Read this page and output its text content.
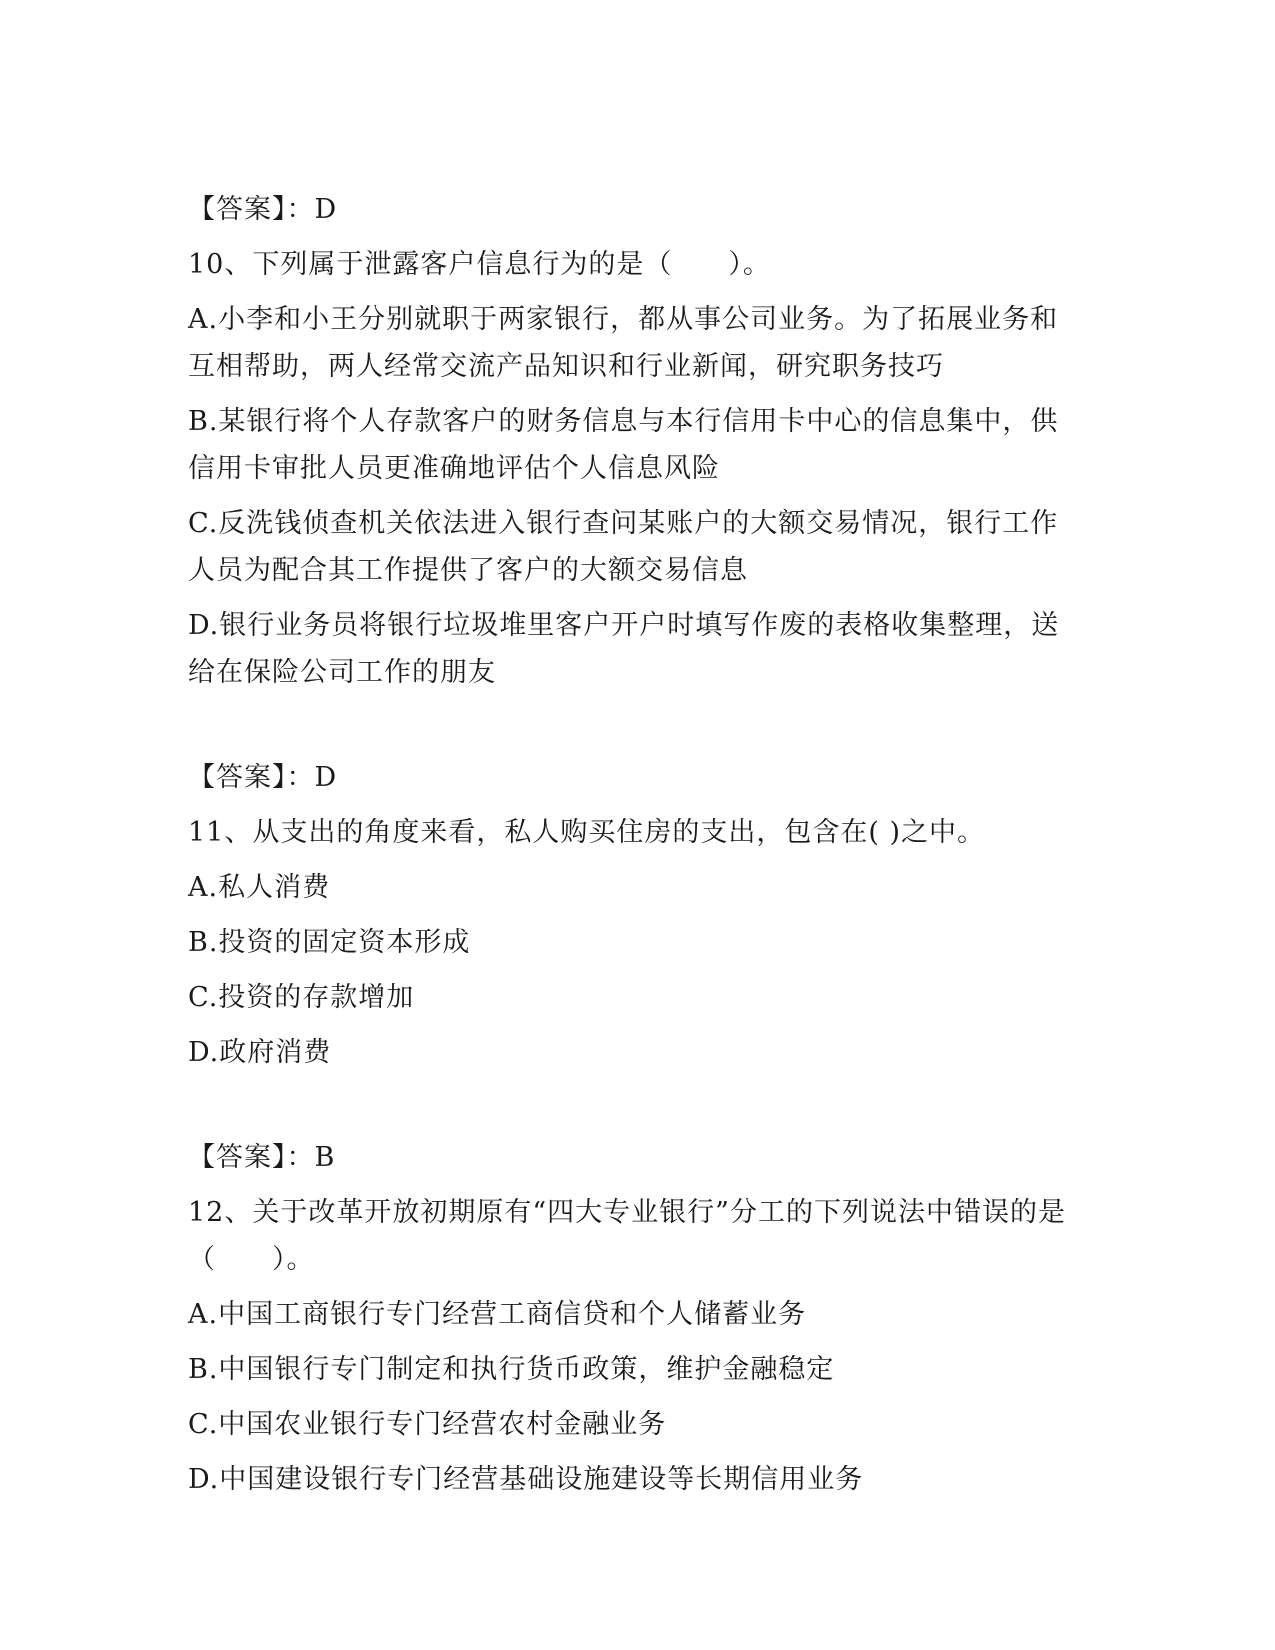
【答案】：D

10、下列属于泄露客户信息行为的是（　　）。

A.小李和小王分别就职于两家银行，都从事公司业务。为了拓展业务和互相帮助，两人经常交流产品知识和行业新闻，研究职务技巧

B.某银行将个人存款客户的财务信息与本行信用卡中心的信息集中，供信用卡审批人员更准确地评估个人信息风险

C.反洗钱侦查机关依法进入银行查问某账户的大额交易情况，银行工作人员为配合其工作提供了客户的大额交易信息

D.银行业务员将银行垃圾堆里客户开户时填写作废的表格收集整理，送给在保险公司工作的朋友

【答案】：D

11、从支出的角度来看，私人购买住房的支出，包含在( )之中。

A.私人消费

B.投资的固定资本形成

C.投资的存款增加

D.政府消费

【答案】：B

12、关于改革开放初期原有“四大专业银行”分工的下列说法中错误的是（　　）。

A.中国工商银行专门经营工商信贷和个人储蓄业务

B.中国银行专门制定和执行货币政策，维护金融稳定

C.中国农业银行专门经营农村金融业务

D.中国建设银行专门经营基础设施建设等长期信用业务
